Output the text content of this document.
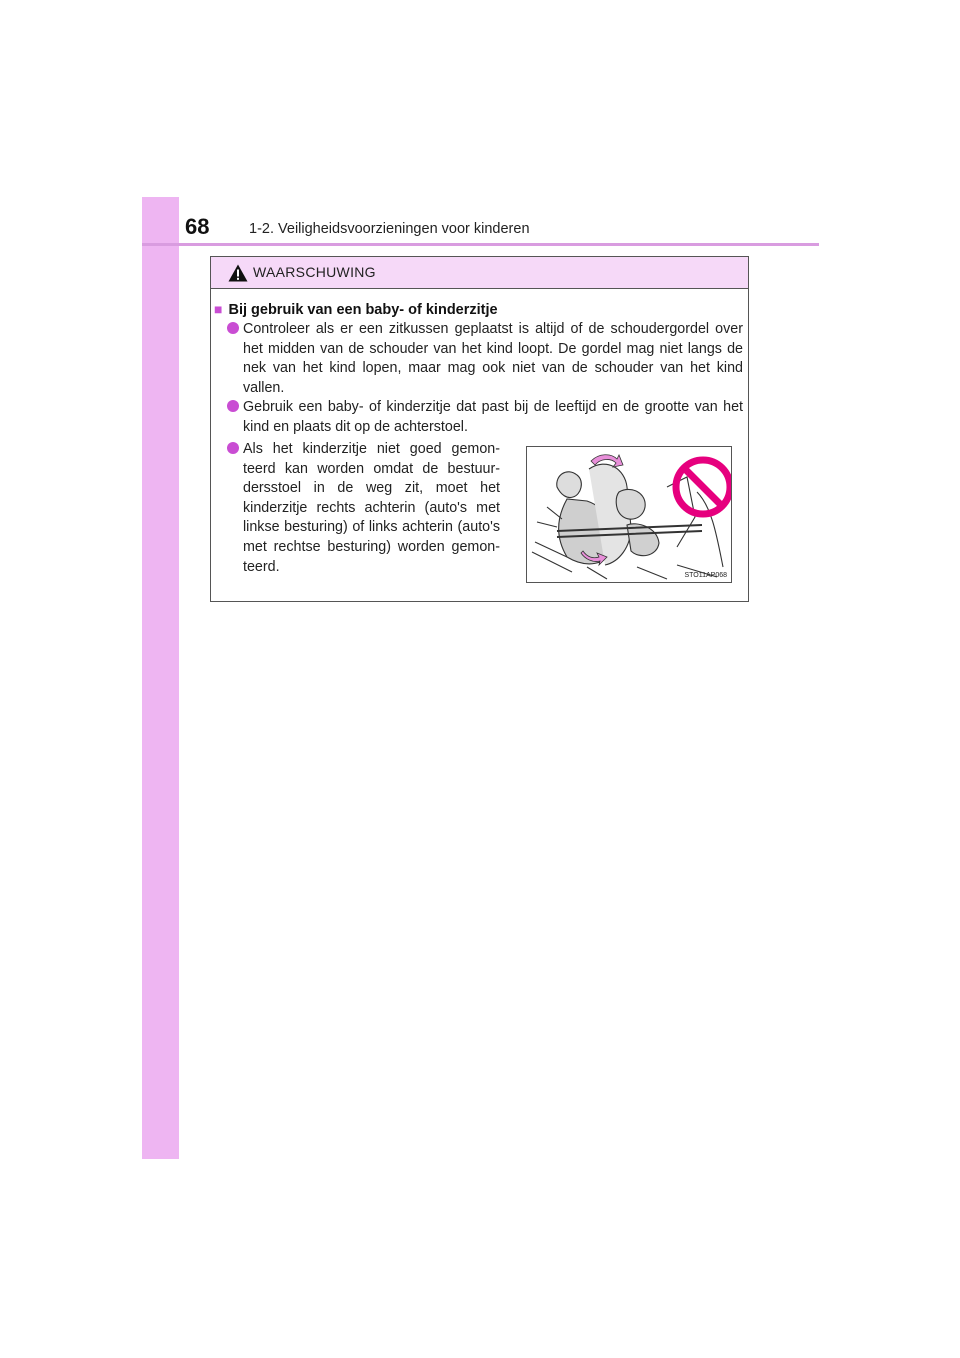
68	1-2. Veiligheidsvoorzieningen voor kinderen
WAARSCHUWING
■ Bij gebruik van een baby- of kinderzitje
Controleer als er een zitkussen geplaatst is altijd of de schoudergordel over het midden van de schouder van het kind loopt. De gordel mag niet langs de nek van het kind lopen, maar mag ook niet van de schouder van het kind vallen.
Gebruik een baby- of kinderzitje dat past bij de leeftijd en de grootte van het kind en plaats dit op de achterstoel.
Als het kinderzitje niet goed gemon-teerd kan worden omdat de bestuur-dersstoel in de weg zit, moet het kinderzitje rechts achterin (auto's met linkse besturing) of links achterin (auto's met rechtse besturing) worden gemon-teerd.
STO11AP068
